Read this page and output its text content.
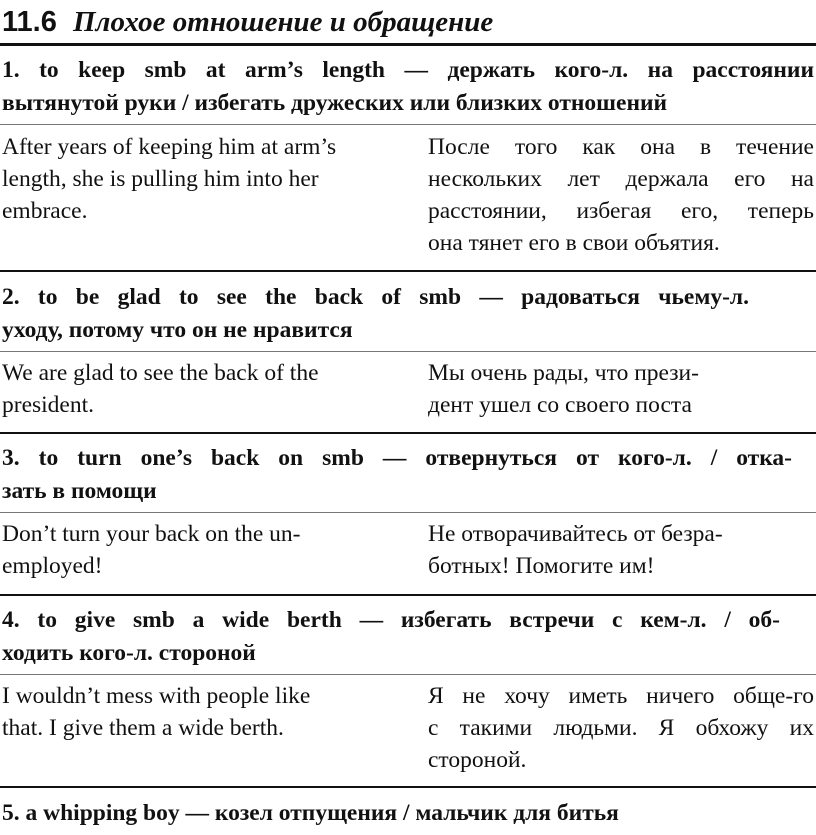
11.6 Плохое отношение и обращение
1. to keep smb at arm’s length — держать кого-л. на расстоянии
вытянутой руки / избегать дружеских или близких отношений
After years of keeping him at arm’s
length, she is pulling him into her
embrace.
После того как она в течение
нескольких лет держала его на
расстоянии, избегая его, теперь
она тянет его в свои объятия.
2. to be glad to see the back of smb — радоваться чьему-л.
уходу, потому что он не нравится
We are glad to see the back of the
president.
Мы очень рады, что прези-
дент ушел со своего поста
3. to turn one’s back on smb — отвернуться от кого-л. / отка-
зать в помощи
Don’t turn your back on the un-
employed!
Не отворачивайтесь от безра-
ботных! Помогите им!
4. to give smb a wide berth — избегать встречи с кем-л. / об-
ходить кого-л. стороной
I wouldn’t mess with people like
that. I give them a wide berth.
Я не хочу иметь ничего обще-го
с такими людьми. Я обхожу их
стороной.
5. a whipping boy — козел отпущения / мальчик для битья
